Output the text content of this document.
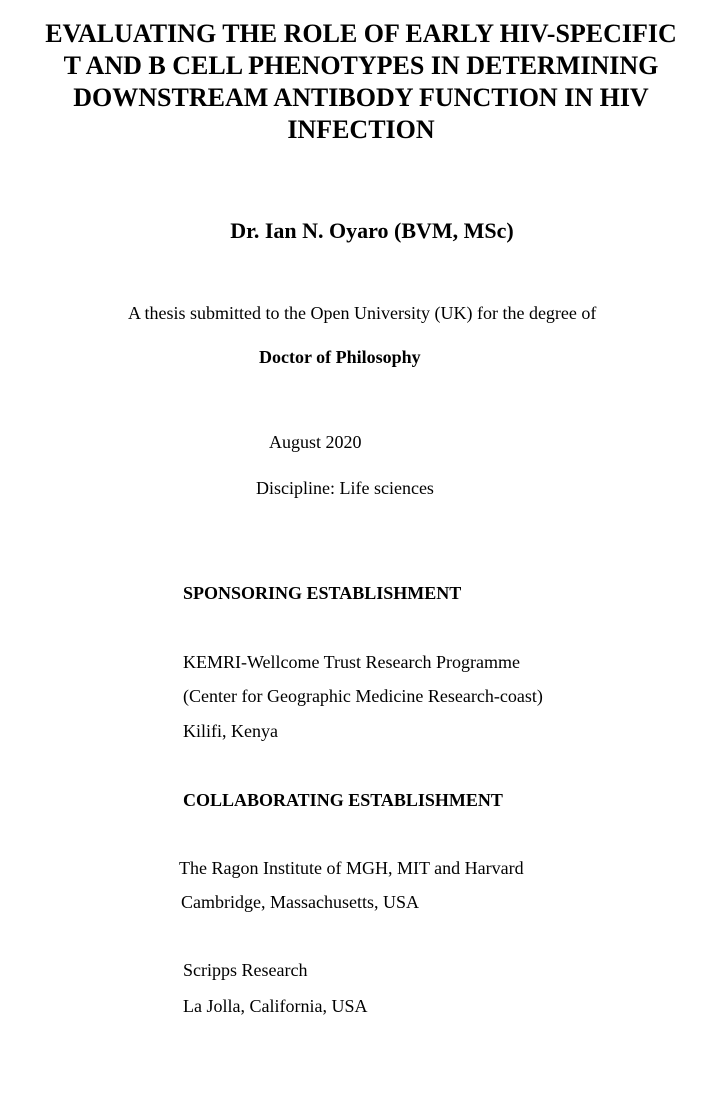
EVALUATING THE ROLE OF EARLY HIV-SPECIFIC
T AND B CELL PHENOTYPES IN DETERMINING
DOWNSTREAM ANTIBODY FUNCTION IN HIV
INFECTION
Dr. Ian N. Oyaro (BVM, MSc)
A thesis submitted to the Open University (UK) for the degree of
Doctor of Philosophy
August 2020
Discipline: Life sciences
SPONSORING ESTABLISHMENT
KEMRI-Wellcome Trust Research Programme
(Center for Geographic Medicine Research-coast)
Kilifi, Kenya
COLLABORATING ESTABLISHMENT
The Ragon Institute of MGH, MIT and Harvard
Cambridge, Massachusetts, USA
Scripps Research
La Jolla, California, USA
